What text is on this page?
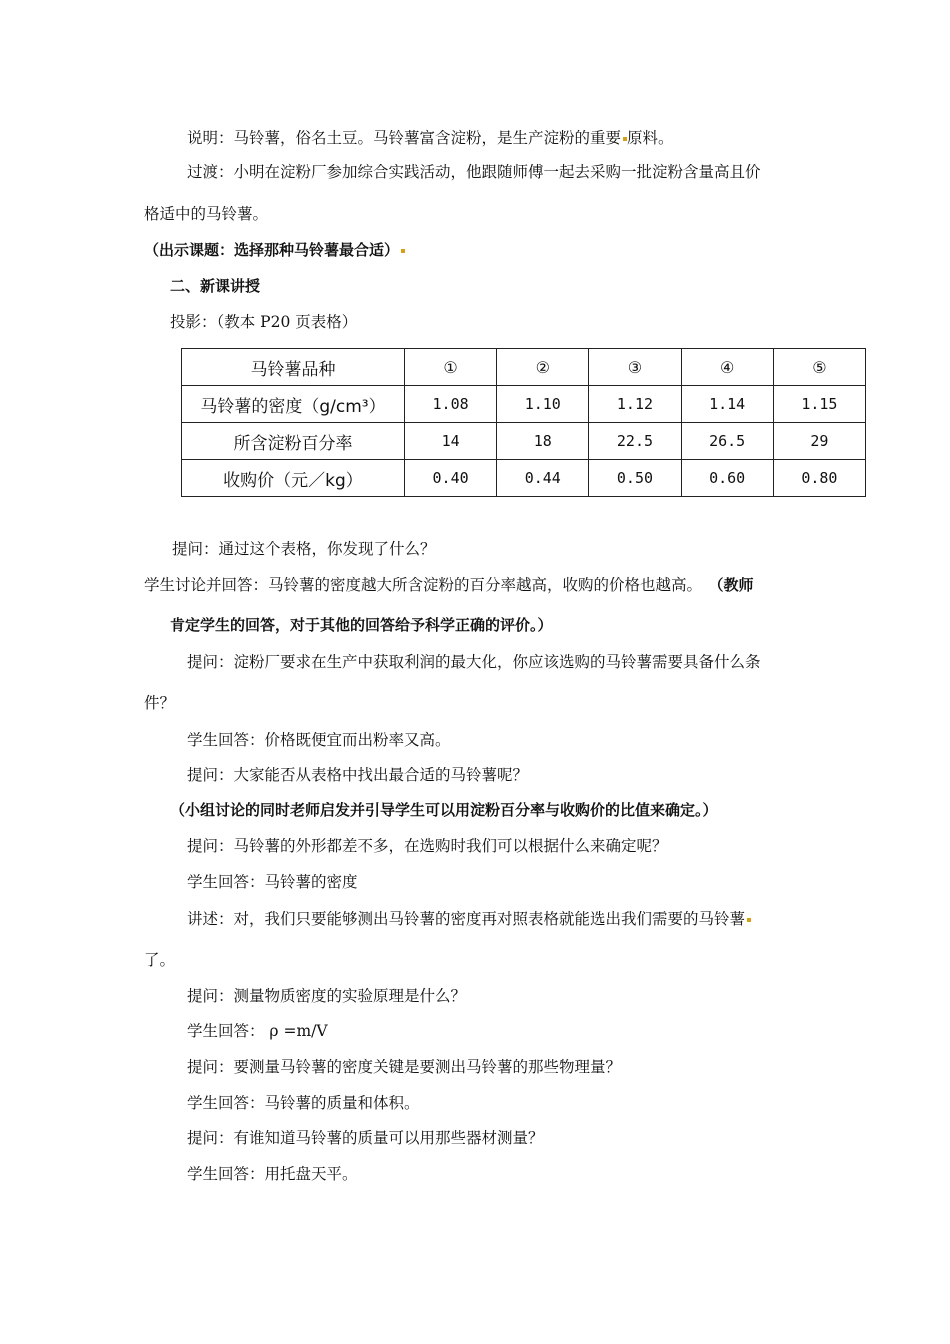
说明：马铃薯，俗名土豆。马铃薯富含淀粉，是生产淀粉的重要 原料。
过渡：小明在淀粉厂参加综合实践活动，他跟随师傅一起去采购一批淀粉含量高且价
格适中的马铃薯。
（出示课题：选择那种马铃薯最合适）
二、新课讲授
投影：（教本 P20 页表格）
马铃薯品种	①	②	③	④	⑤
马铃薯的密度（g/cm³）	1.08	1.10	1.12	1.14	1.15
所含淀粉百分率	14	18	22.5	26.5	29
收购价（元／kg）	0.40	0.44	0.50	0.60	0.80
提问：通过这个表格，你发现了什么？
学生讨论并回答：马铃薯的密度越大所含淀粉的百分率越高，收购的价格也越高。 （教师
肯定学生的回答，对于其他的回答给予科学正确的评价。）
提问：淀粉厂要求在生产中获取利润的最大化，你应该选购的马铃薯需要具备什么条
件？
学生回答：价格既便宜而出粉率又高。
提问：大家能否从表格中找出最合适的马铃薯呢？
（小组讨论的同时老师启发并引导学生可以用淀粉百分率与收购价的比值来确定。）
提问：马铃薯的外形都差不多，在选购时我们可以根据什么来确定呢？
学生回答：马铃薯的密度
讲述：对，我们只要能够测出马铃薯的密度再对照表格就能选出我们需要的马铃薯
了。
提问：测量物质密度的实验原理是什么？
学生回答： ρ =m/V
提问：要测量马铃薯的密度关键是要测出马铃薯的那些物理量？
学生回答：马铃薯的质量和体积。
提问：有谁知道马铃薯的质量可以用那些器材测量？
学生回答：用托盘天平。
